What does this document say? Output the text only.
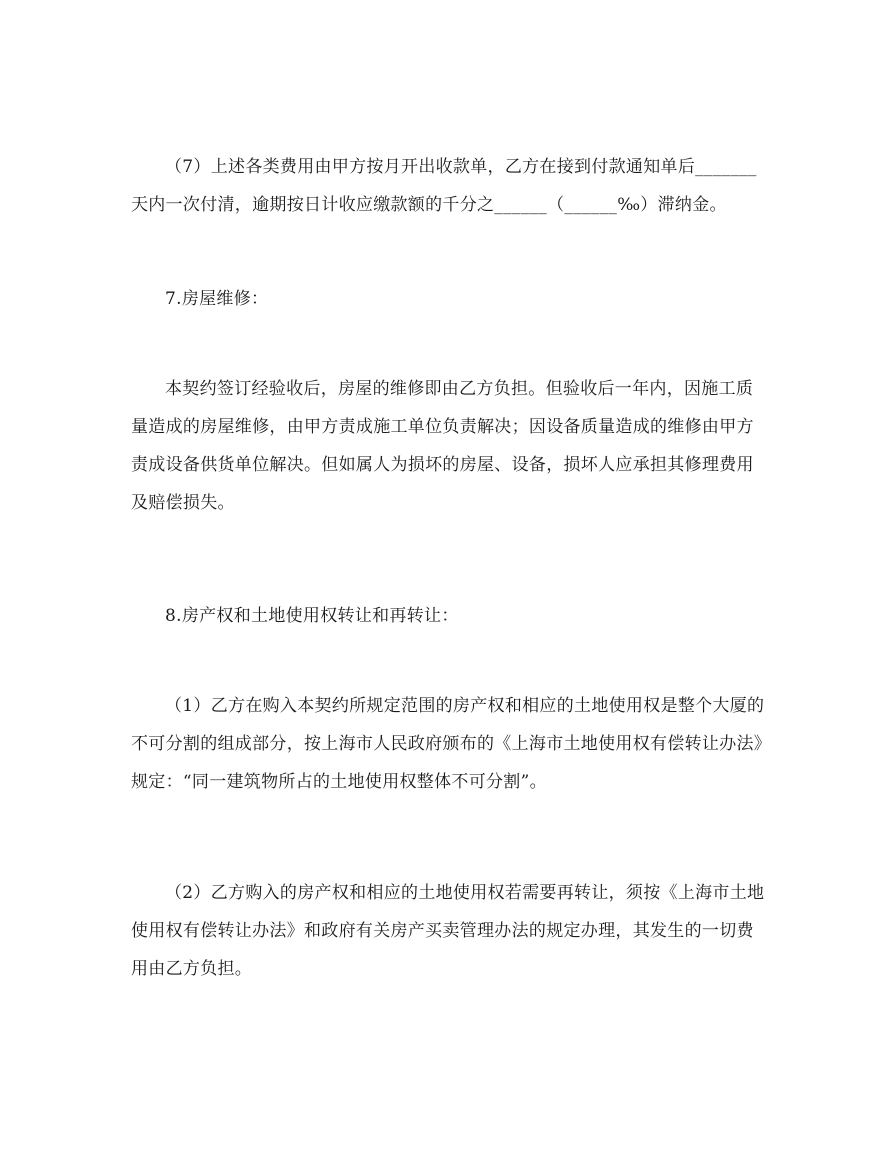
（7）上述各类费用由甲方按月开出收款单，乙方在接到付款通知单后_______
天内一次付清，逾期按日计收应缴款额的千分之______（______‰）滞纳金。
7.房屋维修：
本契约签订经验收后，房屋的维修即由乙方负担。但验收后一年内，因施工质
量造成的房屋维修，由甲方责成施工单位负责解决；因设备质量造成的维修由甲方
责成设备供货单位解决。但如属人为损坏的房屋、设备，损坏人应承担其修理费用
及赔偿损失。
8.房产权和土地使用权转让和再转让：
（1）乙方在购入本契约所规定范围的房产权和相应的土地使用权是整个大厦的
不可分割的组成部分，按上海市人民政府颁布的《上海市土地使用权有偿转让办法》
规定：“同一建筑物所占的土地使用权整体不可分割”。
（2）乙方购入的房产权和相应的土地使用权若需要再转让，须按《上海市土地
使用权有偿转让办法》和政府有关房产买卖管理办法的规定办理，其发生的一切费
用由乙方负担。
